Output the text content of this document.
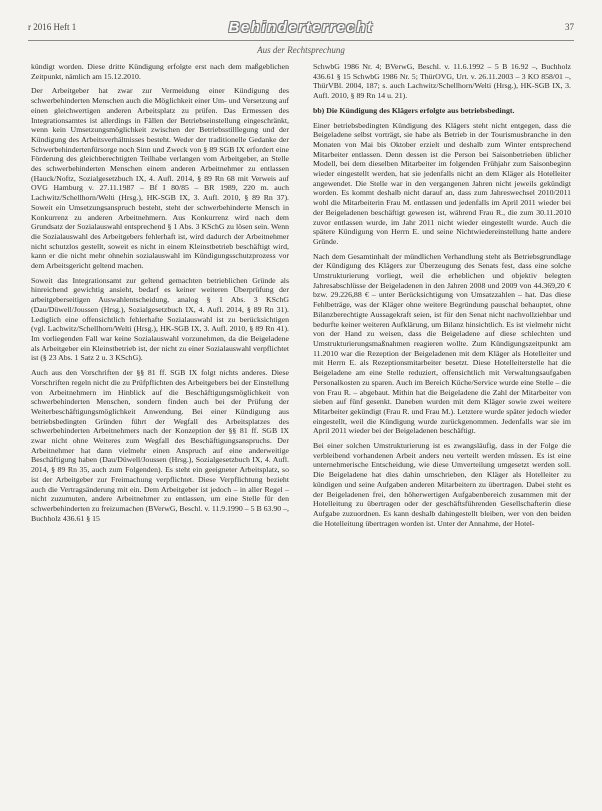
r 2016 Heft 1	Behinderterrecht	37
Aus der Rechtsprechung

kündigt worden. Diese dritte Kündigung erfolgte erst nach dem maßgeblichen Zeitpunkt, nämlich am 15.12.2010.

Der Arbeitgeber hat zwar zur Vermeidung einer Kündigung des schwerbehinderten Menschen auch die Möglichkeit einer Um- und Versetzung auf einen gleichwertigen anderen Arbeitsplatz zu prüfen. Das Ermessen des Integrationsamtes ist allerdings in Fällen der Betriebseinstellung eingeschränkt, wenn kein Umsetzungsmöglichkeit zwischen der Betriebsstilllegung und der Kündigung des Arbeitsverhältnisses besteht. Weder der traditionelle Gedanke der Schwerbehindertenfürsorge noch Sinn und Zweck von § 89 SGB IX erfordert eine Förderung des gleichberechtigten Teilhabe verlangen vom Arbeitgeber, an Stelle des schwerbehinderten Menschen einem anderen Arbeitnehmer zu entlassen (Hauck/Noftz, Sozialgesetzbuch IX, 4. Aufl. 2014, § 89 Rn 68 mit Verweis auf OVG Hamburg v. 27.11.1987 – Bf I 80/85 – BR 1989, 220 m. auch Lachwitz/Schellhorn/Welti (Hrsg.), HK-SGB IX, 3. Aufl. 2010, § 89 Rn 37). Soweit ein Umsetzungsanspruch besteht, steht der schwerbehinderte Mensch in Konkurrenz zu anderen Arbeitnehmern. Aus Konkurrenz wird nach dem Grundsatz der Sozialauswahl entsprechend § 1 Abs. 3 KSchG zu lösen sein. Wenn die Sozialauswahl des Arbeitgebers fehlerhaft ist, wird dadurch der Arbeitnehmer nicht schutzlos gestellt, soweit es nicht in einem Kleinstbetrieb beschäftigt wird, kann er die nicht mehr ohnehin sozialauswahl im Kündigungsschutzprozess vor dem Arbeitsgericht geltend machen.

Soweit das Integrationsamt zur geltend gemachten betrieblichen Gründe als hinreichend gewichtig ansieht, bedarf es keiner weiteren Überprüfung der arbeitgeberseitigen Auswahlentscheidung, analog § 1 Abs. 3 KSchG (Dau/Düwell/Joussen (Hrsg.), Sozialgesetzbuch IX, 4. Aufl. 2014, § 89 Rn 31). Lediglich eine offensichtlich fehlerhafte Sozialauswahl ist zu berücksichtigen (vgl. Lachwitz/Schellhorn/Welti (Hrsg.), HK-SGB IX, 3. Aufl. 2010, § 89 Rn 41). Im vorliegenden Fall war keine Sozialauswahl vorzunehmen, da die Beigeladene als Arbeitgeber ein Kleinstbetrieb ist, der nicht zu einer Sozialauswahl verpflichtet ist (§ 23 Abs. 1 Satz 2 u. 3 KSchG).

Auch aus den Vorschriften der §§ 81 ff. SGB IX folgt nichts anderes. Diese Vorschriften regeln nicht die zu Prüfpflichten des Arbeitgebers bei der Einstellung von Arbeitnehmern im Hinblick auf die Beschäftigungsmöglichkeit von schwerbehinderten Menschen, sondern finden auch bei der Prüfung der Weiterbeschäftigungsmöglichkeit Anwendung. Bei einer Kündigung aus betriebsbedingten Gründen führt der Wegfall des Arbeitsplatzes des schwerbehinderten Arbeitnehmers nach der Konzeption der §§ 81 ff. SGB IX zwar nicht ohne Weiteres zum Wegfall des Beschäftigungsanspruchs. Der Arbeitnehmer hat dann vielmehr einen Anspruch auf eine anderweitige Beschäftigung haben (Dau/Düwell/Joussen (Hrsg.), Sozialgesetzbuch IX, 4. Aufl. 2014, § 89 Rn 35, auch zum Folgenden). Es steht ein geeigneter Arbeitsplatz, so ist der Arbeitgeber zur Freimachung verpflichtet. Diese Verpflichtung bezieht auch die Vertragsänderung mit ein. Dem Arbeitgeber ist jedoch – in aller Regel – nicht zuzumuten, andere Arbeitnehmer zu entlassen, um eine Stelle für den schwerbehinderten zu freizumachen (BVerwG, Beschl. v. 11.9.1990 – 5 B 63.90 –, Buchholz 436.61 § 15

SchwbG 1986 Nr. 4; BVerwG, Beschl. v. 11.6.1992 – 5 B 16.92 –, Buchholz 436.61 § 15 SchwbG 1986 Nr. 5; ThürOVG, Urt. v. 26.11.2003 – 3 KO 858/01 –, ThürVBl. 2004, 187; s. auch Lachwitz/Schellhorn/Welti (Hrsg.), HK-SGB IX, 3. Aufl. 2010, § 89 Rn 14 u. 21).

bb) Die Kündigung des Klägers erfolgte aus betriebsbedingt.

Einer betriebsbedingten Kündigung des Klägers steht nicht entgegen, dass die Beigeladene selbst vorträgt, sie habe als Betrieb in der Tourismusbranche in den Monaten von Mai bis Oktober erzielt und deshalb zum Winter entsprechend Mitarbeiter entlassen. Denn dessen ist die Person bei Saisonbetrieben üblicher Modell, bei dem dieselben Mitarbeiter im folgenden Frühjahr zum Saisonbeginn wieder eingestellt werden, hat sie jedenfalls nicht an dem Kläger als Hotelleiter angewendet. Die Stelle war in den vergangenen Jahren nicht jeweils gekündigt worden. Es kommt deshalb nicht darauf an, dass zum Jahreswechsel 2010/2011 wohl die Mitarbeiterin Frau M. entlassen und jedenfalls im April 2011 wieder bei der Beigeladenen beschäftigt gewesen ist, während Frau R., die zum 30.11.2010 zuvor entlassen wurde, im Jahr 2011 nicht wieder eingestellt wurde. Auch die spätere Kündigung von Herrn E. und seine Nichtwiedereinstellung hatte andere Gründe.

Nach dem Gesamtinhalt der mündlichen Verhandlung steht als Betriebsgrundlage der Kündigung des Klägers zur Überzeugung des Senats fest, dass eine solche Umstrukturierung vorliegt, weil die erheblichen und objektiv belegten Jahresabschlüsse der Beigeladenen in den Jahren 2008 und 2009 von 44.369,20 € bzw. 29.226,88 € – unter Berücksichtigung von Umsatzzahlen – hat. Das diese Fehlbeträge, was der Kläger ohne weitere Begründung pauschal behauptet, ohne Bilanzberechtigte Aussagekraft seien, ist für den Senat nicht nachvollziehbar und bedurfte keiner weiteren Aufklärung, um Bilanz hinsichtlich. Es ist vielmehr nicht von der Hand zu weisen, dass die Beigeladene auf diese schlechten und Umstrukturierungsmaßnahmen reagieren wollte. Zum Kündigungszeitpunkt am 11.2010 war die Rezeption der Beigeladenen mit dem Kläger als Hotelleiter und mit Herrn E. als Rezeptionsmitarbeiter besetzt. Diese Hotelleiterstelle hat die Beigeladene am eine Stelle reduziert, offensichtlich mit Verwaltungsaufgaben Personalkosten zu sparen. Auch im Bereich Küche/Service wurde eine Stelle – die von Frau R. – abgebaut. Mithin hat die Beigeladene die Zahl der Mitarbeiter von sieben auf fünf gesenkt. Daneben wurden mit dem Kläger sowie zwei weitere Mitarbeiter gekündigt (Frau R. und Frau M.). Letztere wurde später jedoch wieder eingestellt, weil die Kündigung wurde zurückgenommen. Jedenfalls war sie im April 2011 wieder bei der Beigeladenen beschäftigt.

Bei einer solchen Umstrukturierung ist es zwangsläufig, dass in der Folge die verbleibend vorhandenen Arbeit anders neu verteilt werden müssen. Es ist eine unternehmerische Entscheidung, wie diese Umverteilung umgesetzt werden soll. Die Beigeladene hat dies dahin umschrieben, den Kläger als Hotelleiter zu kündigen und seine Aufgaben anderen Mitarbeitern zu übertragen. Dabei steht es der Beigeladenen frei, den höherwertigen Aufgabenbereich zusammen mit der Hotelleitung zu übertragen oder der geschäftsführenden Gesellschafterin diese Aufgabe zuzuordnen. Es kann deshalb dahingestellt bleiben, wer von den beiden die Hotelleitung übertragen worden ist. Unter der Annahme, der Hotel-
